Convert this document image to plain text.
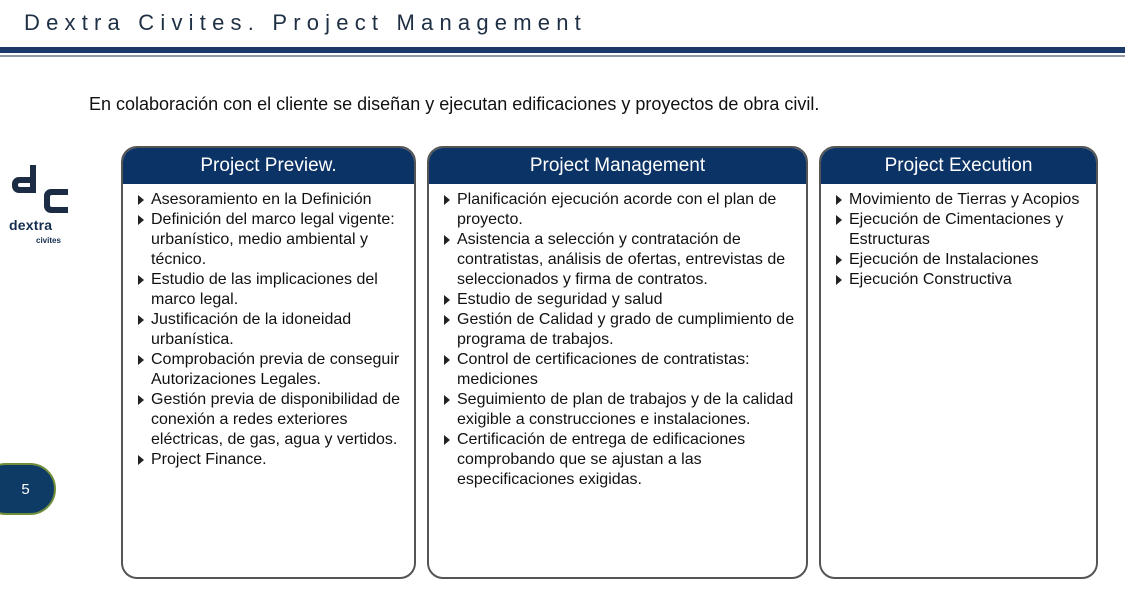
Dextra Civites. Project Management

En colaboración con el cliente se diseñan y ejecutan edificaciones y proyectos de obra civil.

dextra
civites
5
Project Preview.
Asesoramiento en la Definición
Definición del marco legal vigente: urbanístico, medio ambiental y técnico.
Estudio de las implicaciones del marco legal.
Justificación de la idoneidad urbanística.
Comprobación previa de conseguir Autorizaciones Legales.
Gestión previa de disponibilidad de conexión a redes exteriores eléctricas, de gas, agua y vertidos.
Project Finance.
Project Management
Planificación ejecución acorde con el plan de proyecto.
Asistencia a selección y contratación de contratistas, análisis de ofertas, entrevistas de seleccionados y firma de contratos.
Estudio de seguridad y salud
Gestión de Calidad y grado de cumplimiento de programa de trabajos.
Control de certificaciones de contratistas: mediciones
Seguimiento de plan de trabajos y de la calidad exigible a construcciones e instalaciones.
Certificación de entrega de edificaciones comprobando que se ajustan a las especificaciones exigidas.
Project Execution
Movimiento de Tierras y Acopios
Ejecución de Cimentaciones y Estructuras
Ejecución de Instalaciones
Ejecución Constructiva
